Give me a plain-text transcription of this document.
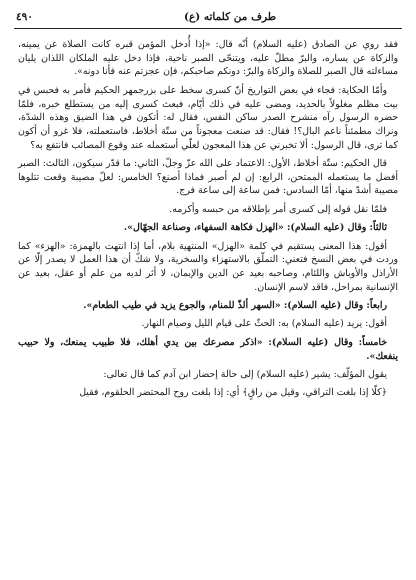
٤٩٠	طرف من كلماته (ع)

فقد روي عن الصادق (عليه السلام) أنّه قال: «إذا أُدخل المؤمن قبره كانت الصلاة عن يمينه، والزكاة عن يساره، والبرّ مطلّ عليه، ويتنحّى الصبر ناحية، فإذا دخل عليه الملكان اللذان يليان مساءلته قال الصبر للصلاة والزكاة والبرّ: دونكم صاحبكم، فإن عجزتم عنه فأنا دونه».

وأمّا الحكاية: فجاء في بعض التواريخ أنّ كسرى سخط على بزرجمهر الحكيم فأمر به فحبس في بيت مظلم مغلولاً بالحديد، ومضى عليه في ذلك أيّام، فبعث كسرى إليه من يستطلع خبره، فلمّا حضره الرسول رآه منشرح الصدر ساكن النفس، فقال له: أتكون في هذا الضيق وهذه الشدّة، ونراك مطمئناً ناعم البال؟! فقال: قد صنعت معجوناً من ستّة أخلاط، فاستعملته، فلا غرو أن أكون كما ترى، قال الرسول: ألا تخبرني عن هذا المعجون لعلّي أستعمله عند وقوع المصائب فانتفع به؟

قال الحكيم: ستّة أخلاط، الأول: الاعتماد على الله عزّ وجلّ، الثاني: ما قدّر سيكون، الثالث: الصبر أفضل ما يستعمله الممتحن، الرابع: إن لم أصبر فماذا أصنع؟ الخامس: لعلّ مصيبة وقعت تتلوها مصيبة أشدّ منها، أمّا السادس: فمن ساعة إلى ساعة فرج.

فلمّا نقل قوله إلى كسرى أمر بإطلاقه من حبسه وأكرمه.

ثالثاً: وقال (عليه السلام): «الهزل فكاهة السفهاء، وصناعة الجهّال».

أقول: هذا المعنى يستقيم في كلمة «الهزل» المنتهية بلام، أما إذا انتهت بالهمزة: «الهزء» كما وردت في بعض النسخ فتعني: التملّق بالاستهزاء والسخرية، ولا شكّ أن هذا العمل لا يصدر إلّا عن الأراذل والأوباش واللئام، وصاحبه بعيد عن الدين والإيمان، لا أثر لديه من علم أو عقل، بعيد عن الإنسانية بمراحل، فاقد لاسم الإنسان.

رابعاً: وقال (عليه السلام): «السهر ألذّ للمنام، والجوع يزيد في طيب الطعام».

أقول: يريد (عليه السلام) به: الحثّ على قيام الليل وصيام النهار.

خامساً: وقال (عليه السلام): «اذكر مصرعك بين يدي أهلك، فلا طبيب يمنعك، ولا حبيب ينفعك».

يقول المؤلّف: يشير (عليه السلام) إلى حالة إحضار ابن آدم كما قال تعالى:

﴿كلّا إذا بلغت التراقي، وقيل من راقٍ﴾ أي: إذا بلغت روح المحتضر الحلقوم، فقيل
